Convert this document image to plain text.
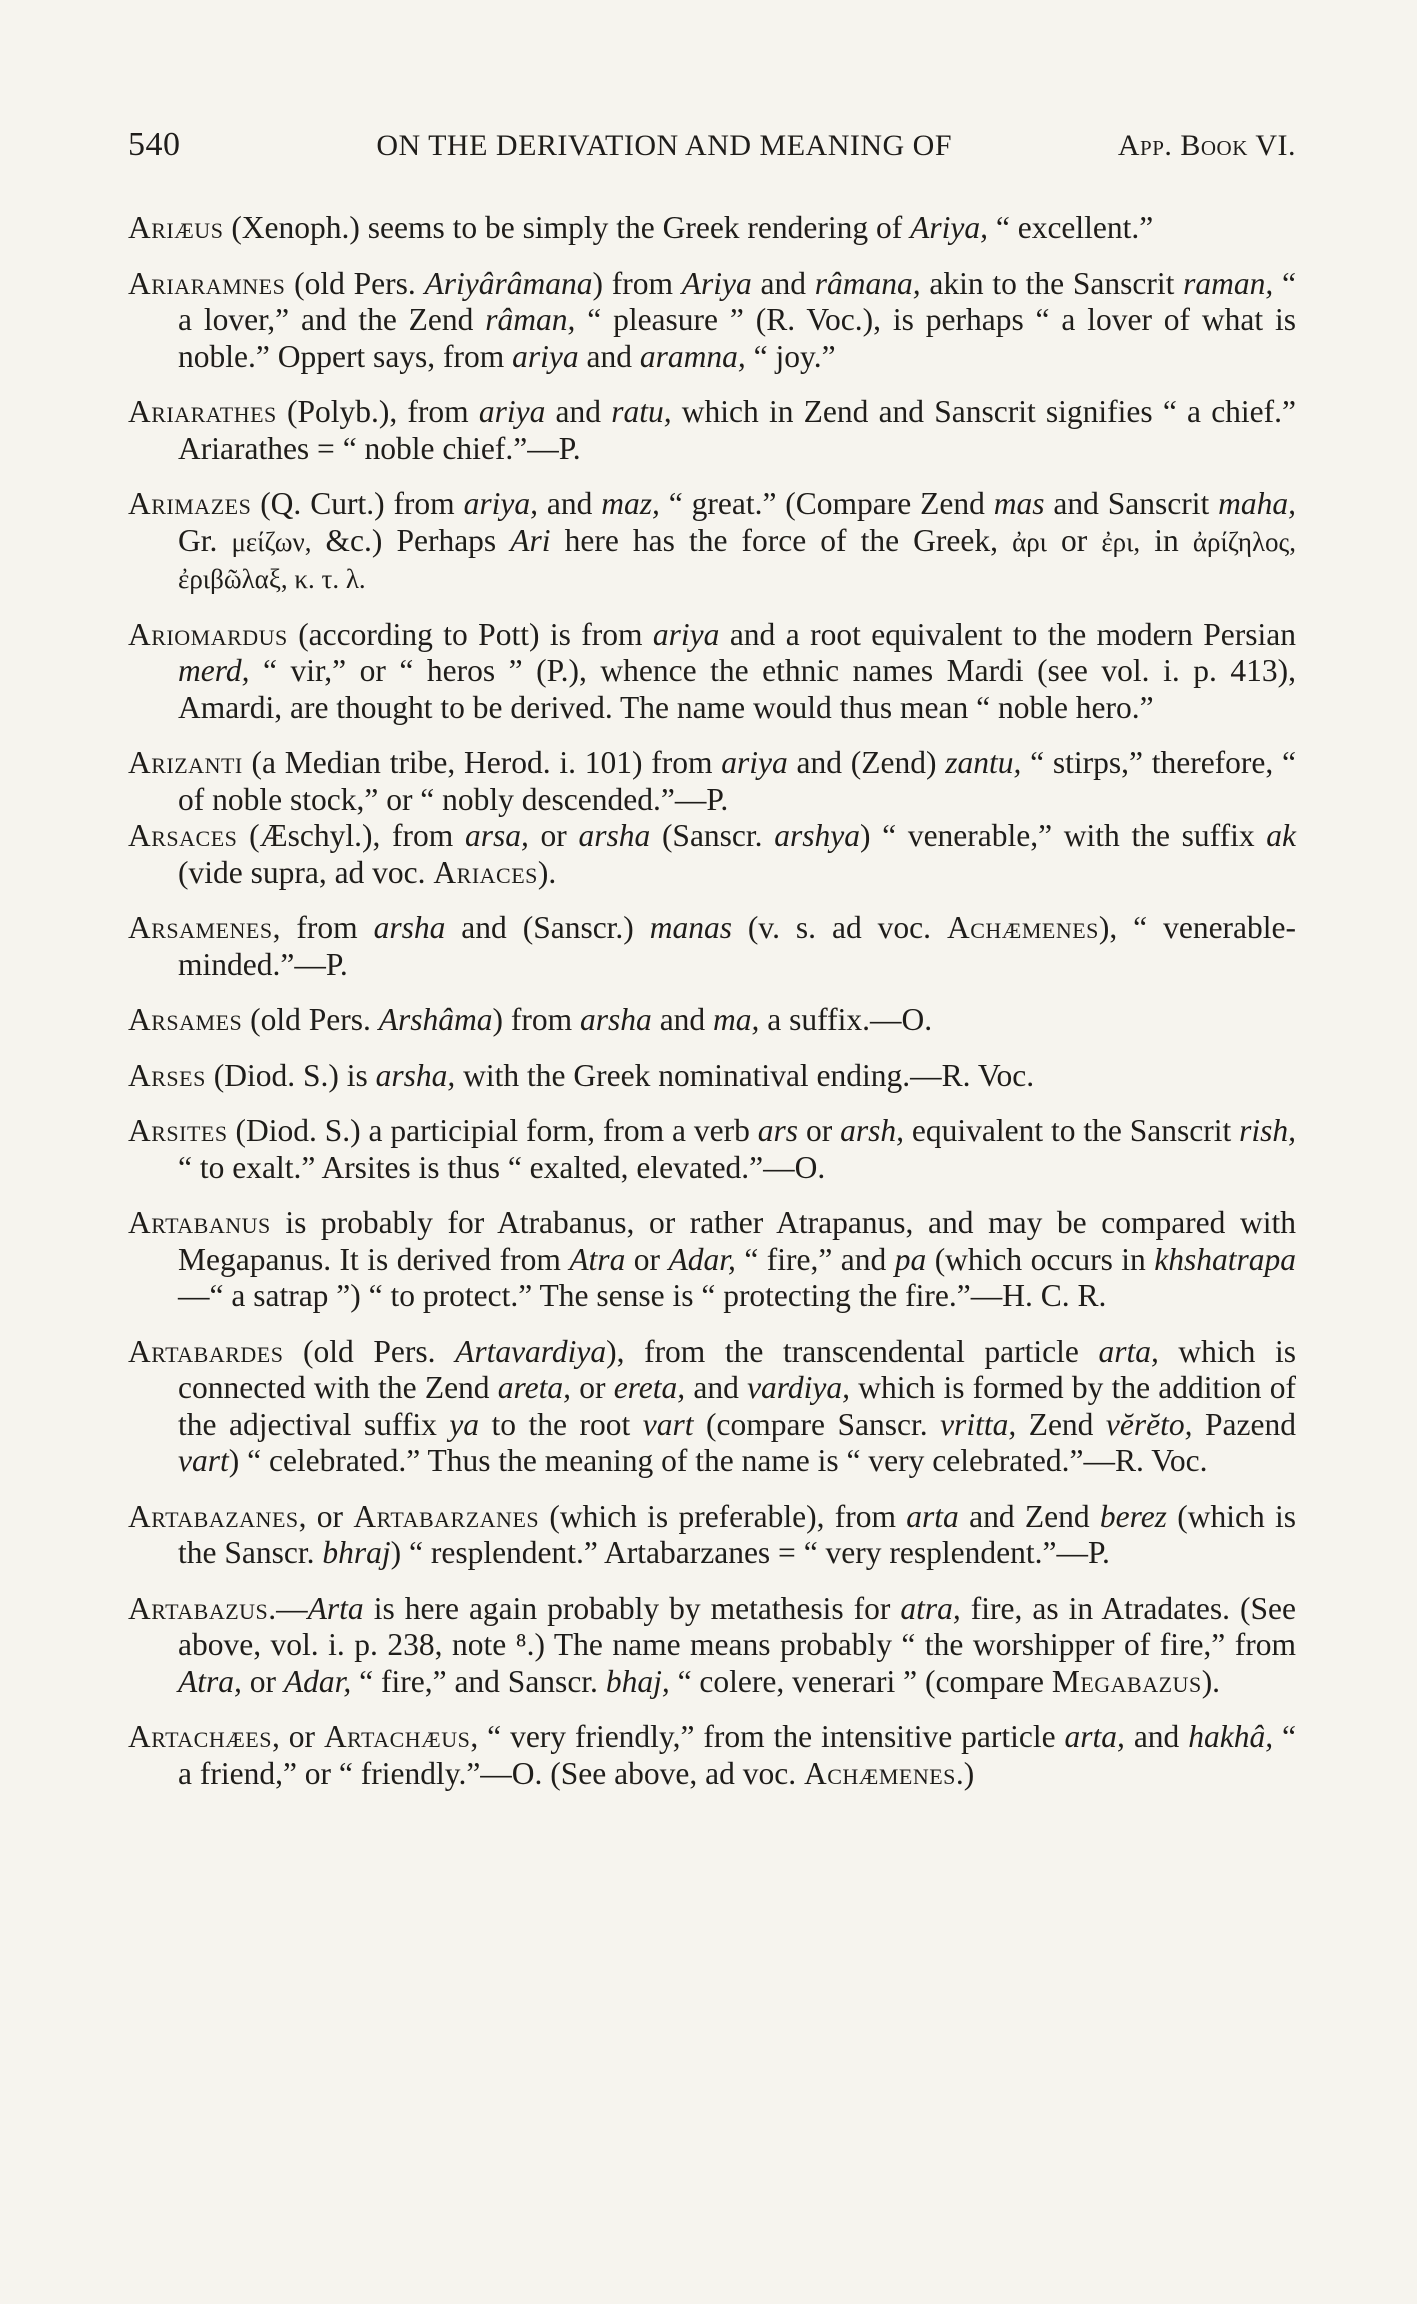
540	ON THE DERIVATION AND MEANING OF	App. Book VI.

Ariæus (Xenoph.) seems to be simply the Greek rendering of Ariya, “ excellent.”

Ariaramnes (old Pers. Ariyârâmana) from Ariya and râmana, akin to the Sanscrit raman, “ a lover,” and the Zend râman, “ pleasure ” (R. Voc.), is perhaps “ a lover of what is noble.” Oppert says, from ariya and aramna, “ joy.”

Ariarathes (Polyb.), from ariya and ratu, which in Zend and Sanscrit signifies “ a chief.” Ariarathes = “ noble chief.”—P.

Arimazes (Q. Curt.) from ariya, and maz, “ great.” (Compare Zend mas and Sanscrit maha, Gr. μείζων, &c.) Perhaps Ari here has the force of the Greek, ἀρι or ἐρι, in ἀρίζηλος, ἐριβῶλαξ, κ. τ. λ.

Ariomardus (according to Pott) is from ariya and a root equivalent to the modern Persian merd, “ vir,” or “ heros ” (P.), whence the ethnic names Mardi (see vol. i. p. 413), Amardi, are thought to be derived. The name would thus mean “ noble hero.”

Arizanti (a Median tribe, Herod. i. 101) from ariya and (Zend) zantu, “ stirps,” therefore, “ of noble stock,” or “ nobly descended.”—P.

Arsaces (Æschyl.), from arsa, or arsha (Sanscr. arshya) “ venerable,” with the suffix ak (vide supra, ad voc. Ariaces).

Arsamenes, from arsha and (Sanscr.) manas (v. s. ad voc. Achæmenes), “ venerable-minded.”—P.

Arsames (old Pers. Arshâma) from arsha and ma, a suffix.—O.

Arses (Diod. S.) is arsha, with the Greek nominatival ending.—R. Voc.

Arsites (Diod. S.) a participial form, from a verb ars or arsh, equivalent to the Sanscrit rish, “ to exalt.” Arsites is thus “ exalted, elevated.”—O.

Artabanus is probably for Atrabanus, or rather Atrapanus, and may be compared with Megapanus. It is derived from Atra or Adar, “ fire,” and pa (which occurs in khshatrapa—“ a satrap ”) “ to protect.” The sense is “ protecting the fire.”—H. C. R.

Artabardes (old Pers. Artavardiya), from the transcendental particle arta, which is connected with the Zend areta, or ereta, and vardiya, which is formed by the addition of the adjectival suffix ya to the root vart (compare Sanscr. vritta, Zend vĕrĕto, Pazend vart) “ celebrated.” Thus the meaning of the name is “ very celebrated.”—R. Voc.

Artabazanes, or Artabarzanes (which is preferable), from arta and Zend berez (which is the Sanscr. bhraj) “ resplendent.” Artabarzanes = “ very resplendent.”—P.

Artabazus.—Arta is here again probably by metathesis for atra, fire, as in Atradates. (See above, vol. i. p. 238, note ⁸.) The name means probably “ the worshipper of fire,” from Atra, or Adar, “ fire,” and Sanscr. bhaj, “ colere, venerari ” (compare Megabazus).

Artachæes, or Artachæus, “ very friendly,” from the intensitive particle arta, and hakhâ, “ a friend,” or “ friendly.”—O. (See above, ad voc. Achæmenes.)
